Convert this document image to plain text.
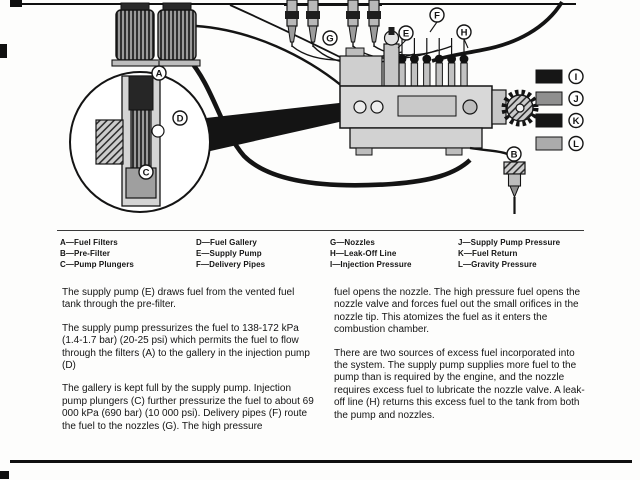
A
B
C
D
E
F
G
H
I
J
K
L
A—Fuel Filters
B—Pre-Filter
C—Pump Plungers
D—Fuel Gallery
E—Supply Pump
F—Delivery Pipes
G—Nozzles
H—Leak-Off Line
I—Injection Pressure
J—Supply Pump Pressure
K—Fuel Return
L—Gravity Pressure

The supply pump (E) draws fuel from the vented fuel tank through the pre-filter.

The supply pump pressurizes the fuel to 138-172 kPa (1.4-1.7 bar) (20-25 psi) which permits the fuel to flow through the filters (A) to the gallery in the injection pump (D)

The gallery is kept full by the supply pump. Injection pump plungers (C) further pressurize the fuel to about 69 000 kPa (690 bar) (10 000 psi). Delivery pipes (F) route the fuel to the nozzles (G). The high pressure

fuel opens the nozzle. The high pressure fuel opens the nozzle valve and forces fuel out the small orifices in the nozzle tip. This atomizes the fuel as it enters the combustion chamber.

There are two sources of excess fuel incorporated into the system. The supply pump supplies more fuel to the pump than is required by the engine, and the nozzle requires excess fuel to lubricate the nozzle valve. A leak-off line (H) returns this excess fuel to the tank from both the pump and nozzles.
